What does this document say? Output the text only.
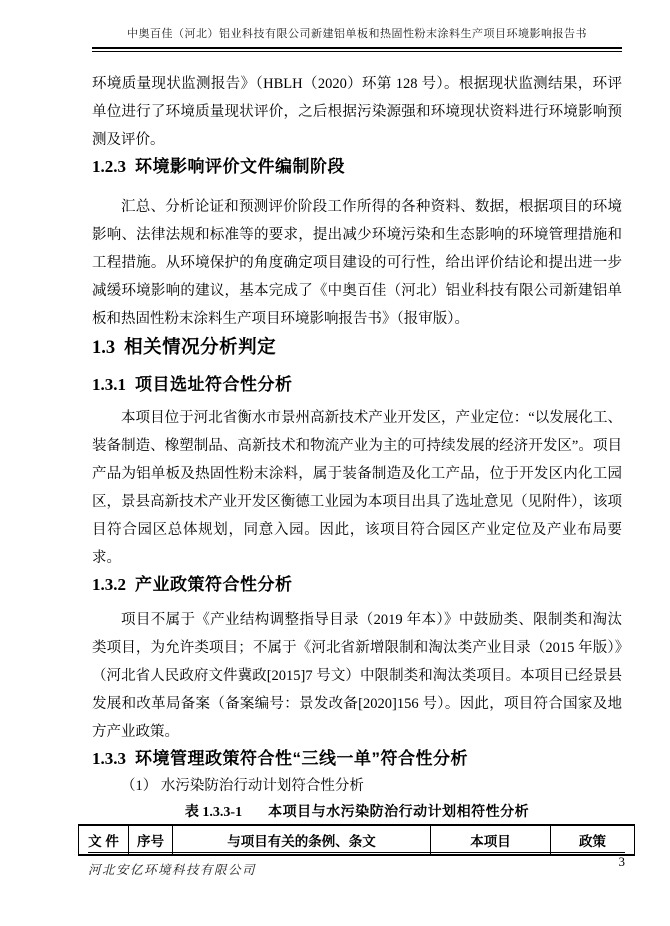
中奥百佳（河北）铝业科技有限公司新建铝单板和热固性粉末涂料生产项目环境影响报告书

环境质量现状监测报告》（HBLH（2020）环第 128 号）。根据现状监测结果，环评单位进行了环境质量现状评价，之后根据污染源强和环境现状资料进行环境影响预测及评价。

1.2.3 环境影响评价文件编制阶段

汇总、分析论证和预测评价阶段工作所得的各种资料、数据，根据项目的环境影响、法律法规和标准等的要求，提出减少环境污染和生态影响的环境管理措施和工程措施。从环境保护的角度确定项目建设的可行性，给出评价结论和提出进一步减缓环境影响的建议，基本完成了《中奥百佳（河北）铝业科技有限公司新建铝单板和热固性粉末涂料生产项目环境影响报告书》（报审版）。

1.3 相关情况分析判定
1.3.1 项目选址符合性分析

本项目位于河北省衡水市景州高新技术产业开发区，产业定位：“以发展化工、装备制造、橡塑制品、高新技术和物流产业为主的可持续发展的经济开发区”。项目产品为铝单板及热固性粉末涂料，属于装备制造及化工产品，位于开发区内化工园区，景县高新技术产业开发区衡德工业园为本项目出具了选址意见（见附件），该项目符合园区总体规划，同意入园。因此，该项目符合园区产业定位及产业布局要求。

1.3.2 产业政策符合性分析

项目不属于《产业结构调整指导目录（2019 年本）》中鼓励类、限制类和淘汰类项目，为允许类项目；不属于《河北省新增限制和淘汰类产业目录（2015 年版）》（河北省人民政府文件冀政[2015]7 号文）中限制类和淘汰类项目。本项目已经景县发展和改革局备案（备案编号：景发改备[2020]156 号）。因此，项目符合国家及地方产业政策。

1.3.3 环境管理政策符合性“三线一单”符合性分析

（1） 水污染防治行动计划符合性分析

表 1.3.3-1 本项目与水污染防治行动计划相符性分析
文 件	序号	与项目有关的条例、条文	本项目	政策
河北安亿环境科技有限公司
3
